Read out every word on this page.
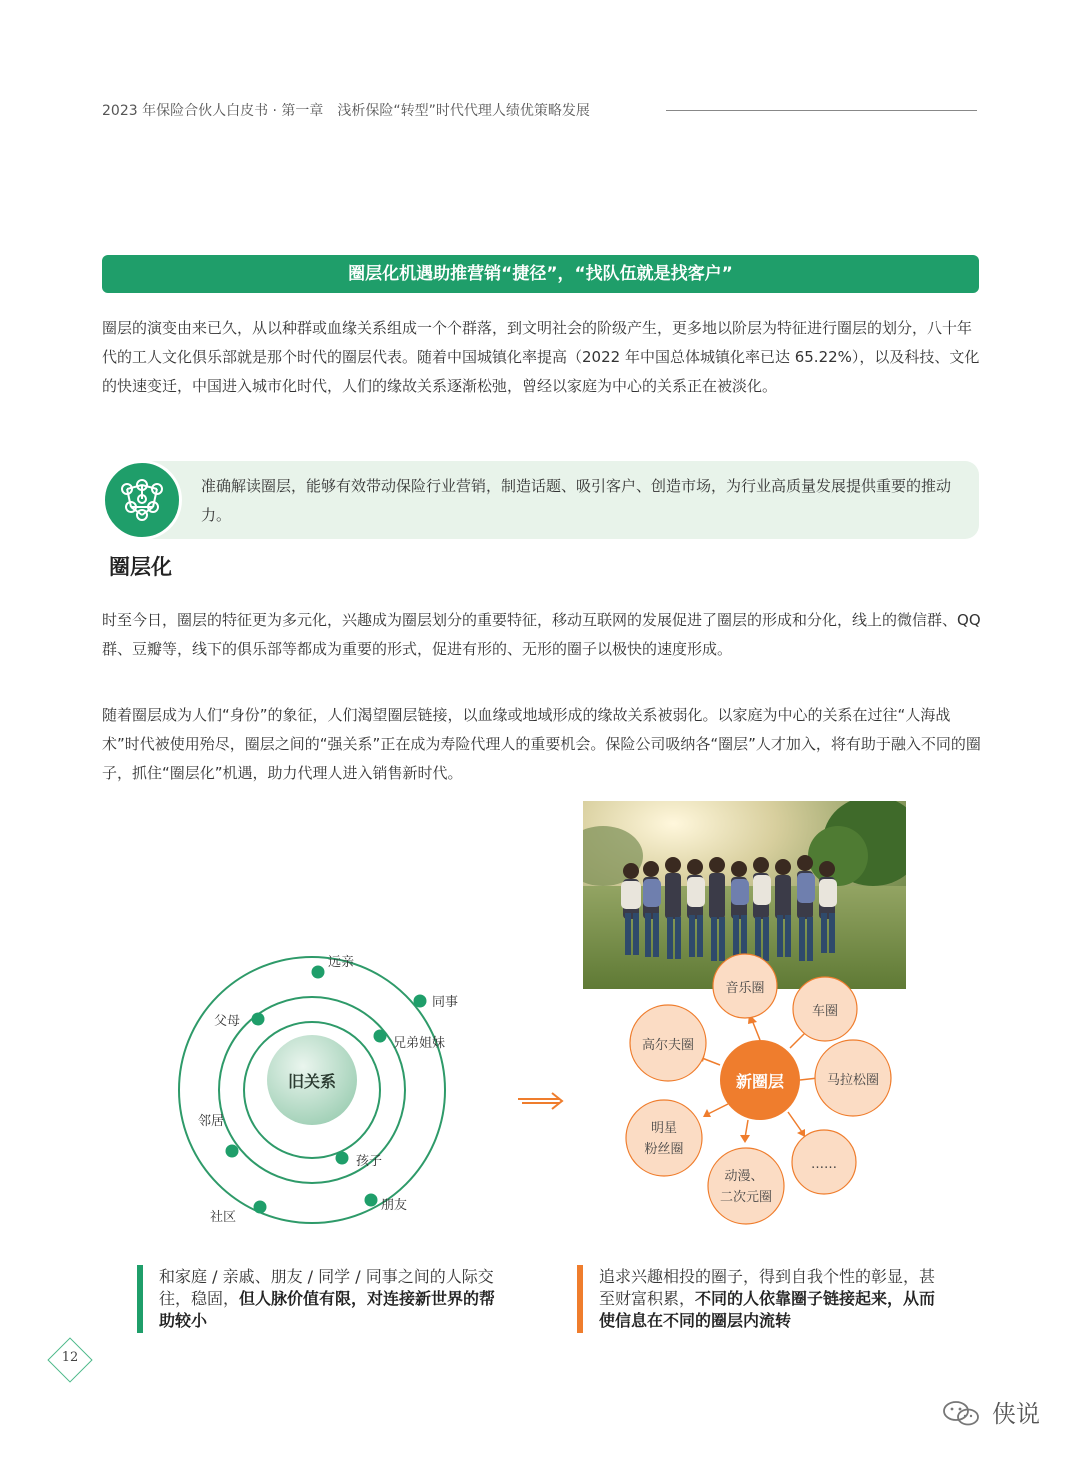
2023 年保险合伙人白皮书 · 第一章　浅析保险“转型”时代代理人绩优策略发展
圈层化机遇助推营销“捷径”，“找队伍就是找客户”

圈层的演变由来已久，从以种群或血缘关系组成一个个群落，到文明社会的阶级产生，更多地以阶层为特征进行圈层的划分，八十年代的工人文化俱乐部就是那个时代的圈层代表。随着中国城镇化率提高（2022 年中国总体城镇化率已达 65.22%），以及科技、文化的快速变迁，中国进入城市化时代，人们的缘故关系逐渐松弛，曾经以家庭为中心的关系正在被淡化。

准确解读圈层，能够有效带动保险行业营销，制造话题、吸引客户、创造市场，为行业高质量发展提供重要的推动力。
圈层化

时至今日，圈层的特征更为多元化，兴趣成为圈层划分的重要特征，移动互联网的发展促进了圈层的形成和分化，线上的微信群、QQ 群、豆瓣等，线下的俱乐部等都成为重要的形式，促进有形的、无形的圈子以极快的速度形成。

随着圈层成为人们“身份”的象征，人们渴望圈层链接，以血缘或地域形成的缘故关系被弱化。以家庭为中心的关系在过往“人海战术”时代被使用殆尽，圈层之间的“强关系”正在成为寿险代理人的重要机会。保险公司吸纳各“圈层”人才加入，将有助于融入不同的圈子，抓住“圈层化”机遇，助力代理人进入销售新时代。

旧关系
远亲
同事
父母
兄弟姐妹
邻居
孩子
朋友
社区
新圈层
音乐圈
车圈
高尔夫圈
马拉松圈
明星
粉丝圈
动漫、
二次元圈
……
和家庭 / 亲戚、朋友 / 同学 / 同事之间的人际交往，稳固，但人脉价值有限，对连接新世界的帮助较小
追求兴趣相投的圈子，得到自我个性的彰显，甚至财富积累，不同的人依靠圈子链接起来，从而使信息在不同的圈层内流转
12
侠说
